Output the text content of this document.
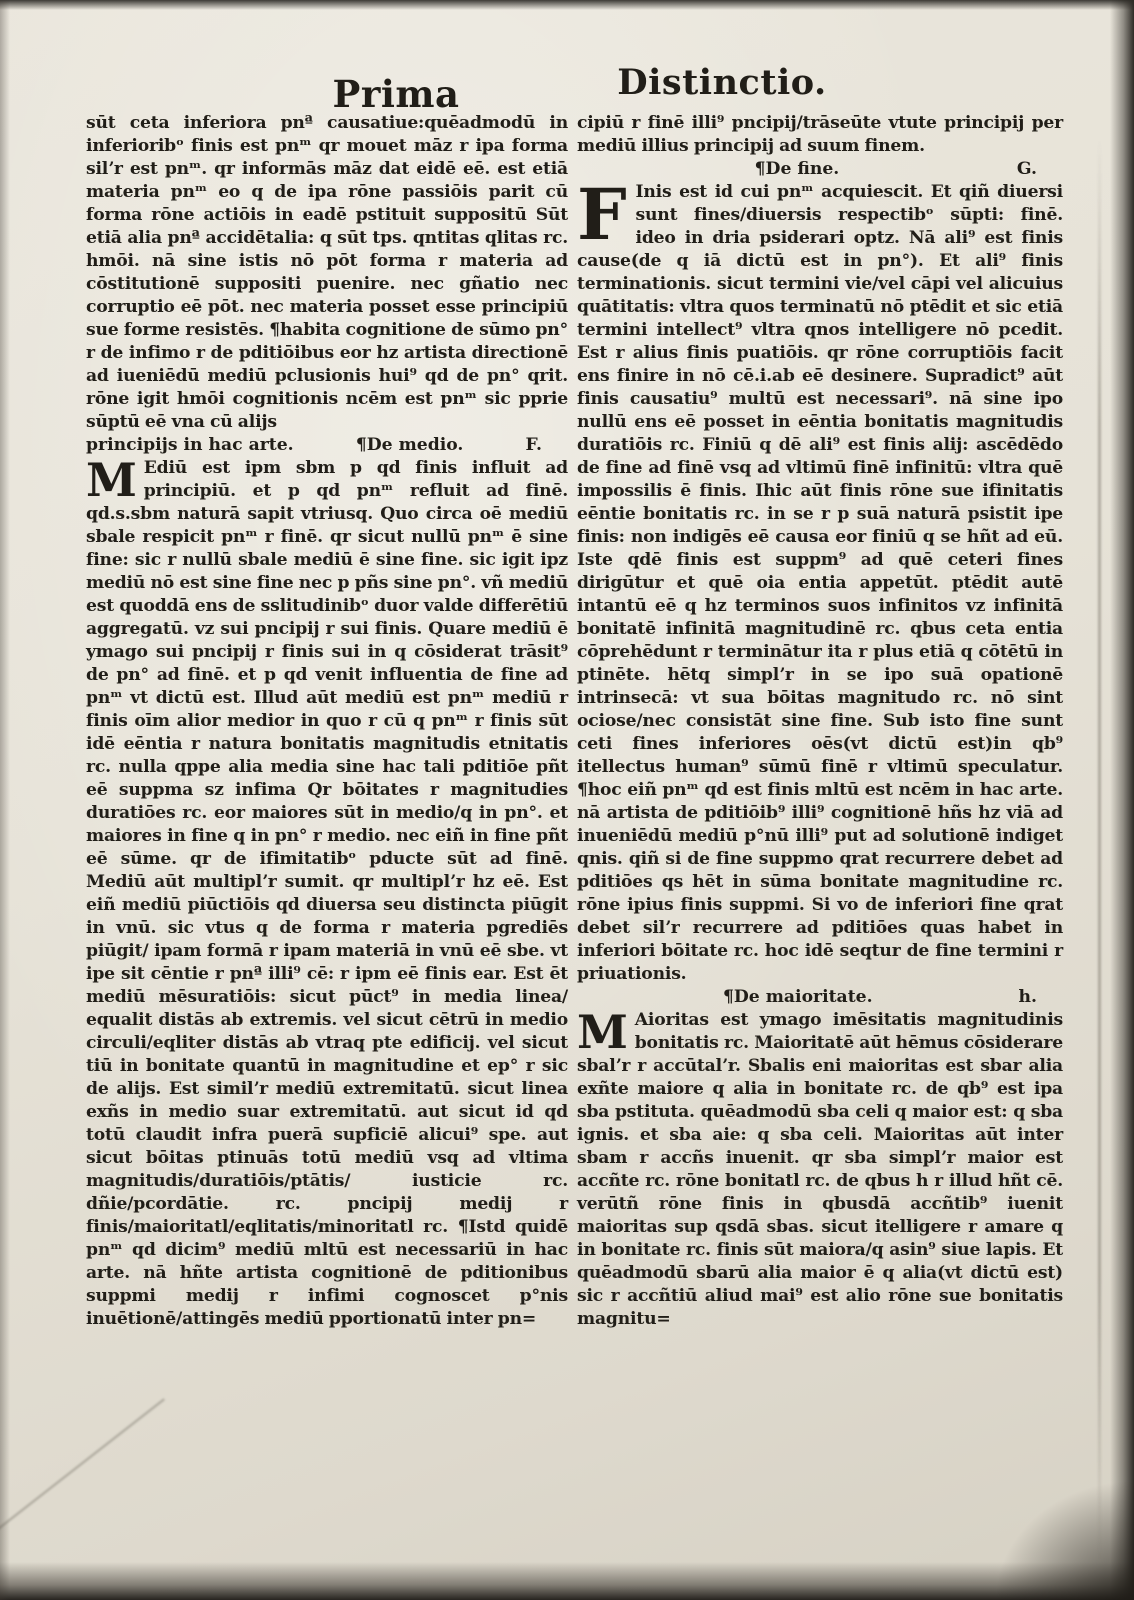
Prima	Distinctio.

sūt ceta inferiora pnª causatiue:quēadmodū in inferioribᵒ finis est pnᵐ qr mouet māz r ipa forma silʼr est pnᵐ. qr informās māz dat eidē eē. est etiā materia pnᵐ eo q de ipa rōne passiōis parit cū forma rōne actiōis in eadē pstituit suppositū Sūt etiā alia pnª accidētalia: q sūt tps. qntitas qlitas rc. hmōi. nā sine istis nō pōt forma r materia ad cōstitutionē suppositi puenire. nec gñatio nec corruptio eē pōt. nec materia posset esse principiū sue forme resistēs. ¶habita cognitione de sūmo pn° r de infimo r de pditiōibus eor hz artista directionē ad iueniēdū mediū pclusionis hui⁹ qd de pn° qrit. rōne igit hmōi cognitionis ncēm est pnᵐ sic pprie sūptū eē vna cū alijs

principijs in hac arte.	¶De medio.	F.

M Ediū est ipm sbm p qd finis influit ad principiū. et p qd pnᵐ refluit ad finē. qd.s.sbm naturā sapit vtriusq. Quo circa oē mediū sbale respicit pnᵐ r finē. qr sicut nullū pnᵐ ē sine fine: sic r nullū sbale mediū ē sine fine. sic igit ipz mediū nō est sine fine nec p pñs sine pn°. vñ mediū est quoddā ens de sslitudinibᵒ duor valde differētiū aggregatū. vz sui pncipij r sui finis. Quare mediū ē ymago sui pncipij r finis sui in q cōsiderat trāsit⁹ de pn° ad finē. et p qd venit influentia de fine ad pnᵐ vt dictū est. Illud aūt mediū est pnᵐ mediū r finis oīm alior medior in quo r cū q pnᵐ r finis sūt idē eēntia r natura bonitatis magnitudis etnitatis rc. nulla qppe alia media sine hac tali pditiōe pñt eē suppma sz infima Qr bōitates r magnitudies duratiōes rc. eor maiores sūt in medio/q in pn°. et maiores in fine q in pn° r medio. nec eiñ in fine pñt eē sūme. qr de ifimitatibᵒ pducte sūt ad finē. Mediū aūt multiplʼr sumit. qr multiplʼr hz eē. Est eiñ mediū piūctiōis qd diuersa seu distincta piūgit in vnū. sic vtus q de forma r materia pgrediēs piūgit/ ipam formā r ipam materiā in vnū eē sbe. vt ipe sit cēntie r pnª illi⁹ cē: r ipm eē finis ear. Est ēt mediū mēsuratiōis: sicut pūct⁹ in media linea/ equalit distās ab extremis. vel sicut cētrū in medio circuli/eqliter distās ab vtraq pte edificij. vel sicut tiū in bonitate quantū in magnitudine et ep° r sic de alijs. Est similʼr mediū extremitatū. sicut linea exñs in medio suar extremitatū. aut sicut id qd totū claudit infra puerā supficiē alicui⁹ spe. aut sicut bōitas ptinuās totū mediū vsq ad vltima magnitudis/duratiōis/ptātis/ iusticie rc. dñie/pcordātie. rc. pncipij medij r finis/maioritatl/eqlitatis/minoritatl rc. ¶Istd quidē pnᵐ qd dicim⁹ mediū mltū est necessariū in hac arte. nā hñte artista cognitionē de pditionibus suppmi medij r infimi cognoscet p°nis inuētionē/attingēs mediū pportionatū inter pn=

cipiū r finē illi⁹ pncipij/trāseūte vtute principij per mediū illius principij ad suum finem.

¶De fine.	G.

F Inis est id cui pnᵐ acquiescit. Et qiñ diuersi sunt fines/diuersis respectibᵒ sūpti: finē. ideo in dria psiderari optz. Nā ali⁹ est finis cause(de q iā dictū est in pn°). Et ali⁹ finis terminationis. sicut termini vie/vel cāpi vel alicuius quātitatis: vltra quos terminatū nō ptēdit et sic etiā termini intellect⁹ vltra qnos intelligere nō pcedit. Est r alius finis puatiōis. qr rōne corruptiōis facit ens finire in nō cē.i.ab eē desinere. Supradict⁹ aūt finis causatiu⁹ multū est necessari⁹. nā sine ipo nullū ens eē posset in eēntia bonitatis magnitudis duratiōis rc. Finiū q dē ali⁹ est finis alij: ascēdēdo de fine ad finē vsq ad vltimū finē infinitū: vltra quē impossilis ē finis. Ihic aūt finis rōne sue ifinitatis eēntie bonitatis rc. in se r p suā naturā psistit ipe finis: non indigēs eē causa eor finiū q se hñt ad eū. Iste qdē finis est suppm⁹ ad quē ceteri fines dirigūtur et quē oia entia appetūt. ptēdit autē intantū eē q hz terminos suos infinitos vz infinitā bonitatē infinitā magnitudinē rc. qbus ceta entia cōprehēdunt r terminātur ita r plus etiā q cōtētū in ptinēte. hētq simplʼr in se ipo suā opationē intrinsecā: vt sua bōitas magnitudo rc. nō sint ociose/nec consistāt sine fine. Sub isto fine sunt ceti fines inferiores oēs(vt dictū est)in qb⁹ itellectus human⁹ sūmū finē r vltimū speculatur. ¶hoc eiñ pnᵐ qd est finis mltū est ncēm in hac arte. nā artista de pditiōib⁹ illi⁹ cognitionē hñs hz viā ad inueniēdū mediū p°nū illi⁹ put ad solutionē indiget qnis. qiñ si de fine suppmo qrat recurrere debet ad pditiōes qs hēt in sūma bonitate magnitudine rc. rōne ipius finis suppmi. Si vo de inferiori fine qrat debet silʼr recurrere ad pditiōes quas habet in inferiori bōitate rc. hoc idē seqtur de fine termini r priuationis.

¶De maioritate.	h.

M Aioritas est ymago imēsitatis magnitudinis bonitatis rc. Maioritatē aūt hēmus cōsiderare sbalʼr r accūtalʼr. Sbalis eni maioritas est sbar alia exñte maiore q alia in bonitate rc. de qb⁹ est ipa sba pstituta. quēadmodū sba celi q maior est: q sba ignis. et sba aie: q sba celi. Maioritas aūt inter sbam r accñs inuenit. qr sba simplʼr maior est accñte rc. rōne bonitatl rc. de qbus h r illud hñt cē. verūtñ rōne finis in qbusdā accñtib⁹ iuenit maioritas sup qsdā sbas. sicut itelligere r amare q in bonitate rc. finis sūt maiora/q asin⁹ siue lapis. Et quēadmodū sbarū alia maior ē q alia(vt dictū est) sic r accñtiū aliud mai⁹ est alio rōne sue bonitatis magnitu=
